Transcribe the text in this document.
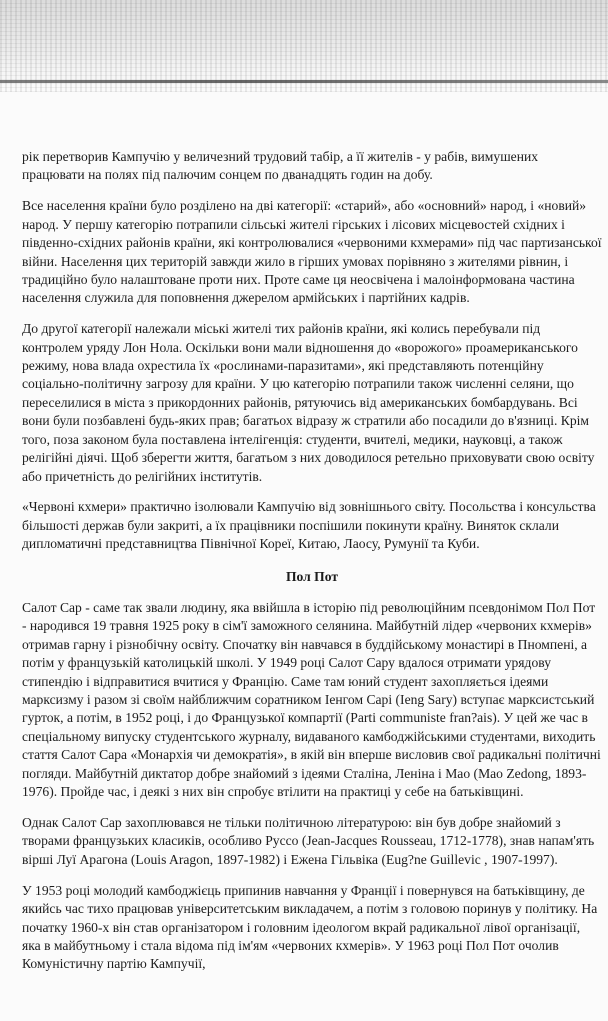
рік перетворив Кампучію у величезний трудовий табір, а її жителів - у рабів, вимушених працювати на полях під палючим сонцем по дванадцять годин на добу.

Все населення країни було розділено на дві категорії: «старий», або «основний» народ, і «новий» народ. У першу категорію потрапили сільські жителі гірських і лісових місцевостей східних і південно-східних районів країни, які контролювалися «червоними кхмерами» під час партизанської війни. Населення цих територій завжди жило в гірших умовах порівняно з жителями рівнин, і традиційно було налаштоване проти них. Проте саме ця неосвічена і малоінформована частина населення служила для поповнення джерелом армійських і партійних кадрів.

До другої категорії належали міські жителі тих районів країни, які колись перебували під контролем уряду Лон Нола. Оскільки вони мали відношення до «ворожого» проамериканського режиму, нова влада охрестила їх «рослинами-паразитами», які представляють потенційну соціально-політичну загрозу для країни. У цю категорію потрапили також численні селяни, що переселилися в міста з прикордонних районів, рятуючись від американських бомбардувань. Всі вони були позбавлені будь-яких прав; багатьох відразу ж стратили або посадили до в'язниці. Крім того, поза законом була поставлена інтелігенція: студенти, вчителі, медики, науковці, а також релігійні діячі. Щоб зберегти життя, багатьом з них доводилося ретельно приховувати свою освіту або причетність до релігійних інститутів.

«Червоні кхмери» практично ізолювали Кампучію від зовнішнього світу. Посольства і консульства більшості держав були закриті, а їх працівники поспішили покинути країну. Виняток склали дипломатичні представництва Північної Кореї, Китаю, Лаосу, Румунії та Куби.

Пол Пот

Салот Сар - саме так звали людину, яка ввійшла в історію під революційним псевдонімом Пол Пот - народився 19 травня 1925 року в сім'ї заможного селянина. Майбутній лідер «червоних кхмерів» отримав гарну і різнобічну освіту. Спочатку він навчався в буддійському монастирі в Пномпені, а потім у французькій католицькій школі. У 1949 році Салот Сару вдалося отримати урядову стипендію і відправитися вчитися у Францію. Саме там юний студент захопляється ідеями марксизму і разом зі своїм найближчим соратником Іенгом Сарі (Ieng Sary) вступає марксистський гурток, а потім, в 1952 році, і до Французької компартії (Parti communiste fran?ais). У цей же час в спеціальному випуску студентського журналу, видаваного камбоджійськими студентами, виходить стаття Салот Сара «Монархія чи демократія», в якій він вперше висловив свої радикальні політичні погляди. Майбутній диктатор добре знайомий з ідеями Сталіна, Леніна і Мао (Mao Zedong, 1893-1976). Пройде час, і деякі з них він спробує втілити на практиці у себе на батьківщині.

Однак Салот Сар захоплювався не тільки політичною літературою: він був добре знайомий з творами французьких класиків, особливо Руссо (Jean-Jacques Rousseau, 1712-1778), знав напам'ять вірші Луї Арагона (Louis Aragon, 1897-1982) і Ежена Гільвіка (Eug?ne Guillevic , 1907-1997).

У 1953 році молодий камбоджієць припинив навчання у Франції і повернувся на батьківщину, де якийсь час тихо працював університетським викладачем, а потім з головою поринув у політику. На початку 1960-х він став організатором і головним ідеологом вкрай радикальної лівої організації, яка в майбутньому і стала відома під ім'ям «червоних кхмерів». У 1963 році Пол Пот очолив Комуністичну партію Кампучії,
